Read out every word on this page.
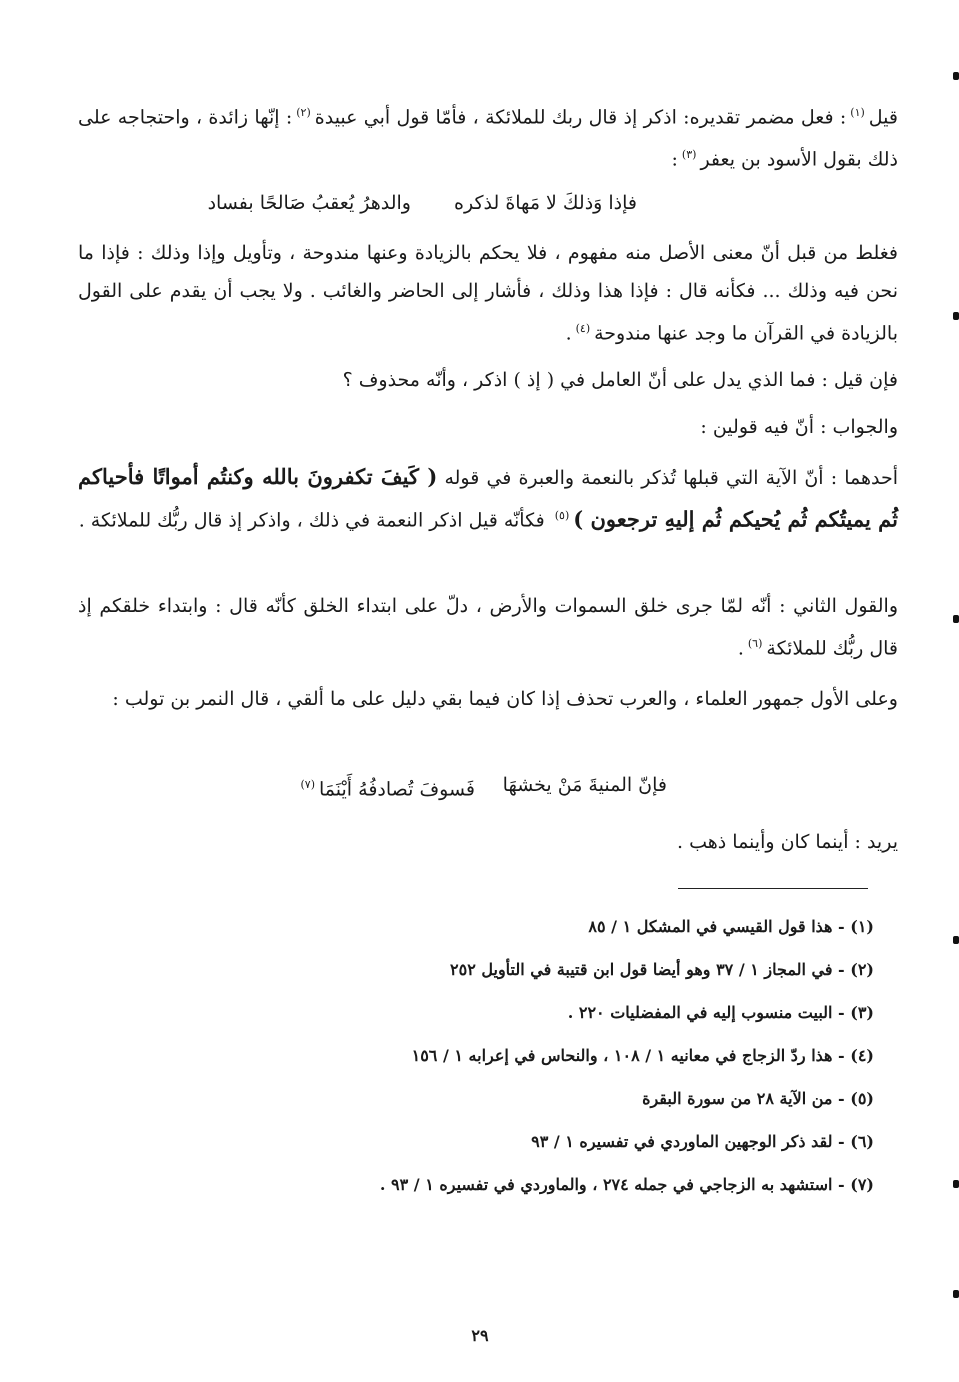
قيل$^{(١)}$: فعل مضمر تقديره: اذكر إذ قال ربك للملائكة ، فأمّا قول أبي عبيدة$^{(٢)}$: إنّها زائدة ، واحتجاجه على ذلك بقول الأسود بن يعفر$^{(٣)}$:
فإذا وَذلكَ لا مَهاةَ لذكره
والدهرُ يُعقبُ صَالحًا بفساد
فغلط من قبل أنّ معنى الأصل منه مفهوم ، فلا يحكم بالزيادة وعنها مندوحة ، وتأويل وإذا وذلك : فإذا ما نحن فيه وذلك ... فكأنه قال : فإذا هذا وذلك ، فأشار إلى الحاضر والغائب . ولا يجب أن يقدم على القول بالزيادة في القرآن ما وجد عنها مندوحة$^{(٤)}$.
فإن قيل : فما الذي يدل على أنّ العامل في ( إذ ) اذكر ، وأنّه محذوف ؟
والجواب : أنّ فيه قولين :
أحدهما : أنّ الآية التي قبلها تُذكر بالنعمة والعبرة في قوله ( كَيفَ تكفرونَ بالله وكنتُم أمواتًا فأحياكم ثُم يميتُكم ثُم يُحيكم ثُم إليهِ ترجعون )$^{(٥)}$ فكأنّه قيل اذكر النعمة في ذلك ، واذكر إذ قال ربُّك للملائكة .
والقول الثاني : أنّه لمّا جرى خلق السموات والأرض ، دلّ على ابتداء الخلق كأنّه قال : وابتداء خلقكم إذ قال ربُّك للملائكة$^{(٦)}$.
وعلى الأول جمهور العلماء ، والعرب تحذف إذا كان فيما بقي دليل على ما ألقي ، قال النمر بن تولب :
فإنّ المنيةَ مَنْ يخشهَا
فَسوفَ تُصادفُهُ أَيْنَمَا$^{(٧)}$
يريد : أينما كان وأينما ذهب .
(١) - هذا قول القيسي في المشكل ١ / ٨٥
(٢) - في المجاز ١ / ٣٧ وهو أيضا قول ابن قتيبة في التأويل ٢٥٢
(٣) - البيت منسوب إليه في المفضليات ٢٢٠ .
(٤) - هذا ردّ الزجاج في معانيه ١ / ١٠٨ ، والنحاس في إعرابه ١ / ١٥٦
(٥) - من الآية ٢٨ من سورة البقرة
(٦) - لقد ذكر الوجهين الماوردي في تفسيره ١ / ٩٣
(٧) - استشهد به الزجاجي في جمله ٢٧٤ ، والماوردي في تفسيره ١ / ٩٣ .
٢٩
